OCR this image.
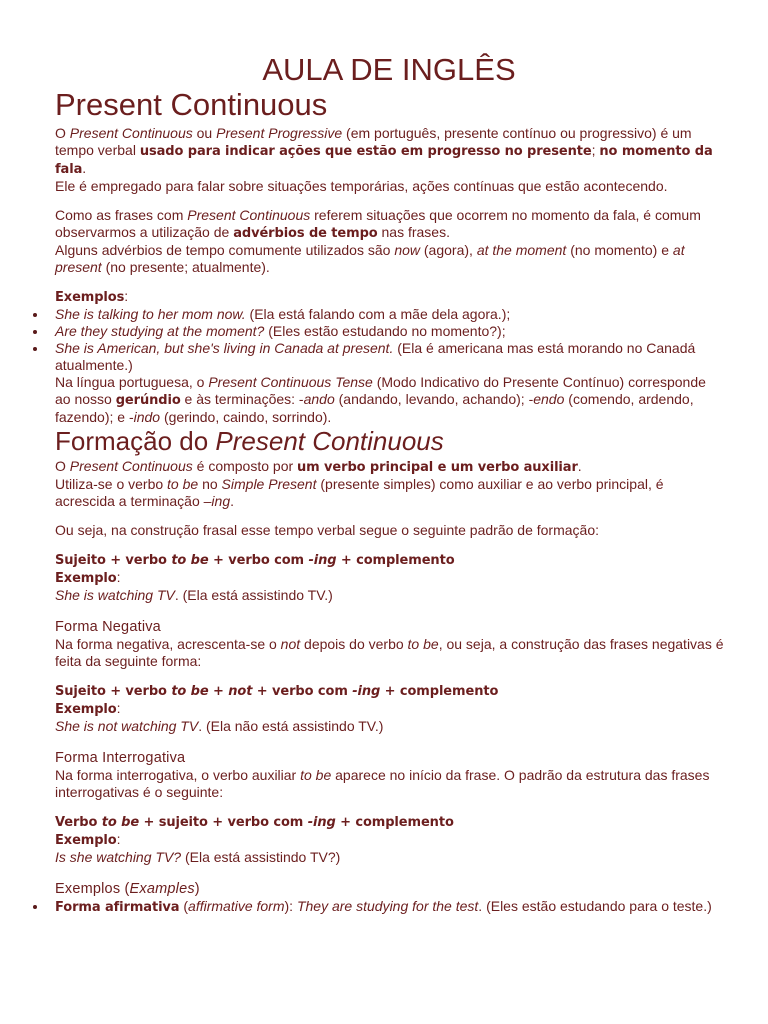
AULA DE INGLÊS
Present Continuous

O Present Continuous ou Present Progressive (em português, presente contínuo ou progressivo) é um tempo verbal usado para indicar ações que estão em progresso no presente; no momento da fala.

Ele é empregado para falar sobre situações temporárias, ações contínuas que estão acontecendo.

Como as frases com Present Continuous referem situações que ocorrem no momento da fala, é comum observarmos a utilização de advérbios de tempo nas frases.

Alguns advérbios de tempo comumente utilizados são now (agora), at the moment (no momento) e at present (no presente; atualmente).

Exemplos:

She is talking to her mom now. (Ela está falando com a mãe dela agora.);
Are they studying at the moment? (Eles estão estudando no momento?);
She is American, but she's living in Canada at present. (Ela é americana mas está morando no Canadá atualmente.)

Na língua portuguesa, o Present Continuous Tense (Modo Indicativo do Presente Contínuo) corresponde ao nosso gerúndio e às terminações: -ando (andando, levando, achando); -endo (comendo, ardendo, fazendo); e -indo (gerindo, caindo, sorrindo).

Formação do Present Continuous

O Present Continuous é composto por um verbo principal e um verbo auxiliar.

Utiliza-se o verbo to be no Simple Present (presente simples) como auxiliar e ao verbo principal, é acrescida a terminação –ing.

Ou seja, na construção frasal esse tempo verbal segue o seguinte padrão de formação:

Sujeito + verbo to be + verbo com -ing + complemento

Exemplo:

She is watching TV. (Ela está assistindo TV.)

Forma Negativa

Na forma negativa, acrescenta-se o not depois do verbo to be, ou seja, a construção das frases negativas é feita da seguinte forma:

Sujeito + verbo to be + not + verbo com -ing + complemento

Exemplo:

She is not watching TV. (Ela não está assistindo TV.)

Forma Interrogativa

Na forma interrogativa, o verbo auxiliar to be aparece no início da frase. O padrão da estrutura das frases interrogativas é o seguinte:

Verbo to be + sujeito + verbo com -ing + complemento

Exemplo:

Is she watching TV? (Ela está assistindo TV?)

Exemplos (Examples)
Forma afirmativa (affirmative form): They are studying for the test. (Eles estão estudando para o teste.)
